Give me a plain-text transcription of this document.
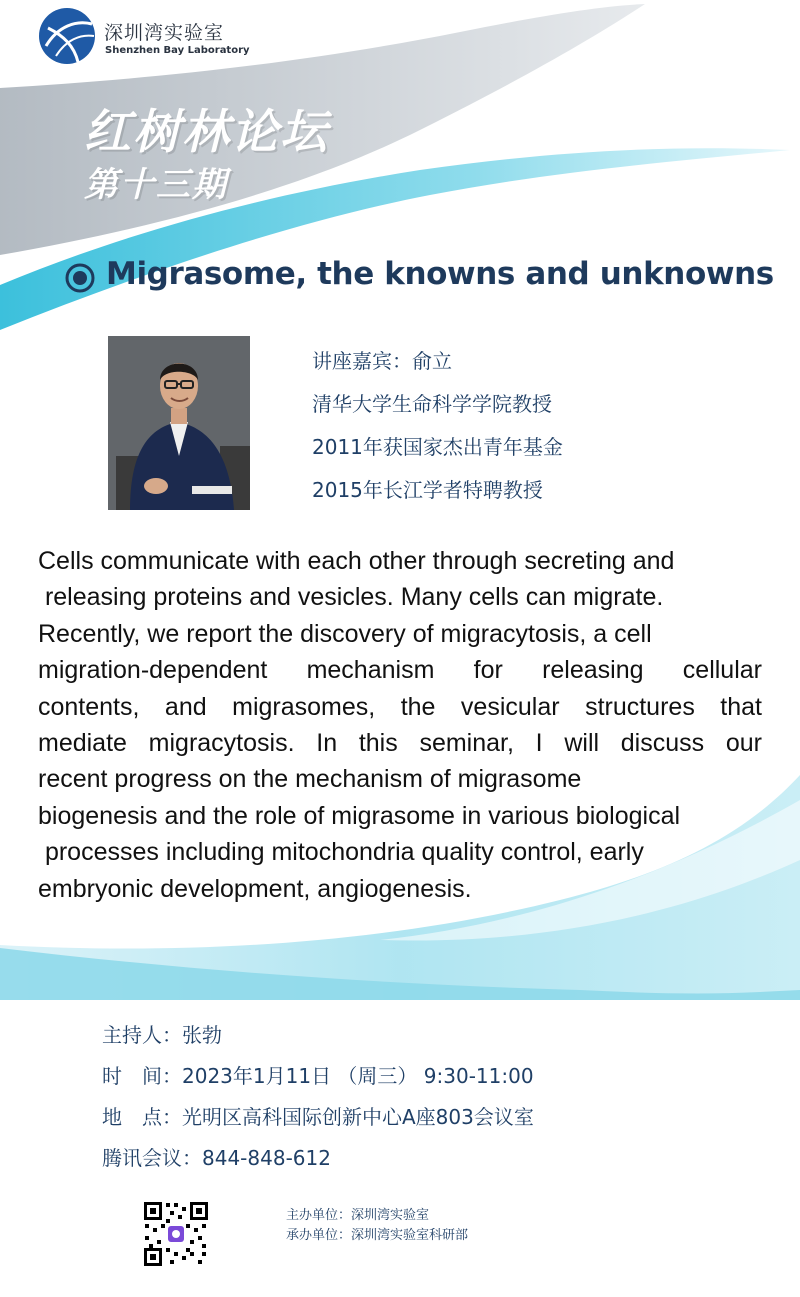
深圳湾实验室
Shenzhen Bay Laboratory
红树林论坛
第十三期
Migrasome, the knowns and unknowns
讲座嘉宾：俞立
清华大学生命科学学院教授
2011年获国家杰出青年基金
2015年长江学者特聘教授
Cells communicate with each other through secreting and
releasing proteins and vesicles. Many cells can migrate.
Recently, we report the discovery of migracytosis, a cell
migration-dependent mechanism for releasing cellular
contents, and migrasomes, the vesicular structures that
mediate migracytosis. In this seminar, I will discuss our
recent progress on the mechanism of migrasome
biogenesis and the role of migrasome in various biological
processes including mitochondria quality control, early
embryonic development, angiogenesis.
主持人：张勃
时　间：2023年1月11日 （周三） 9:30-11:00
地　点：光明区高科国际创新中心A座803会议室
腾讯会议：844-848-612
主办单位：深圳湾实验室
承办单位：深圳湾实验室科研部
